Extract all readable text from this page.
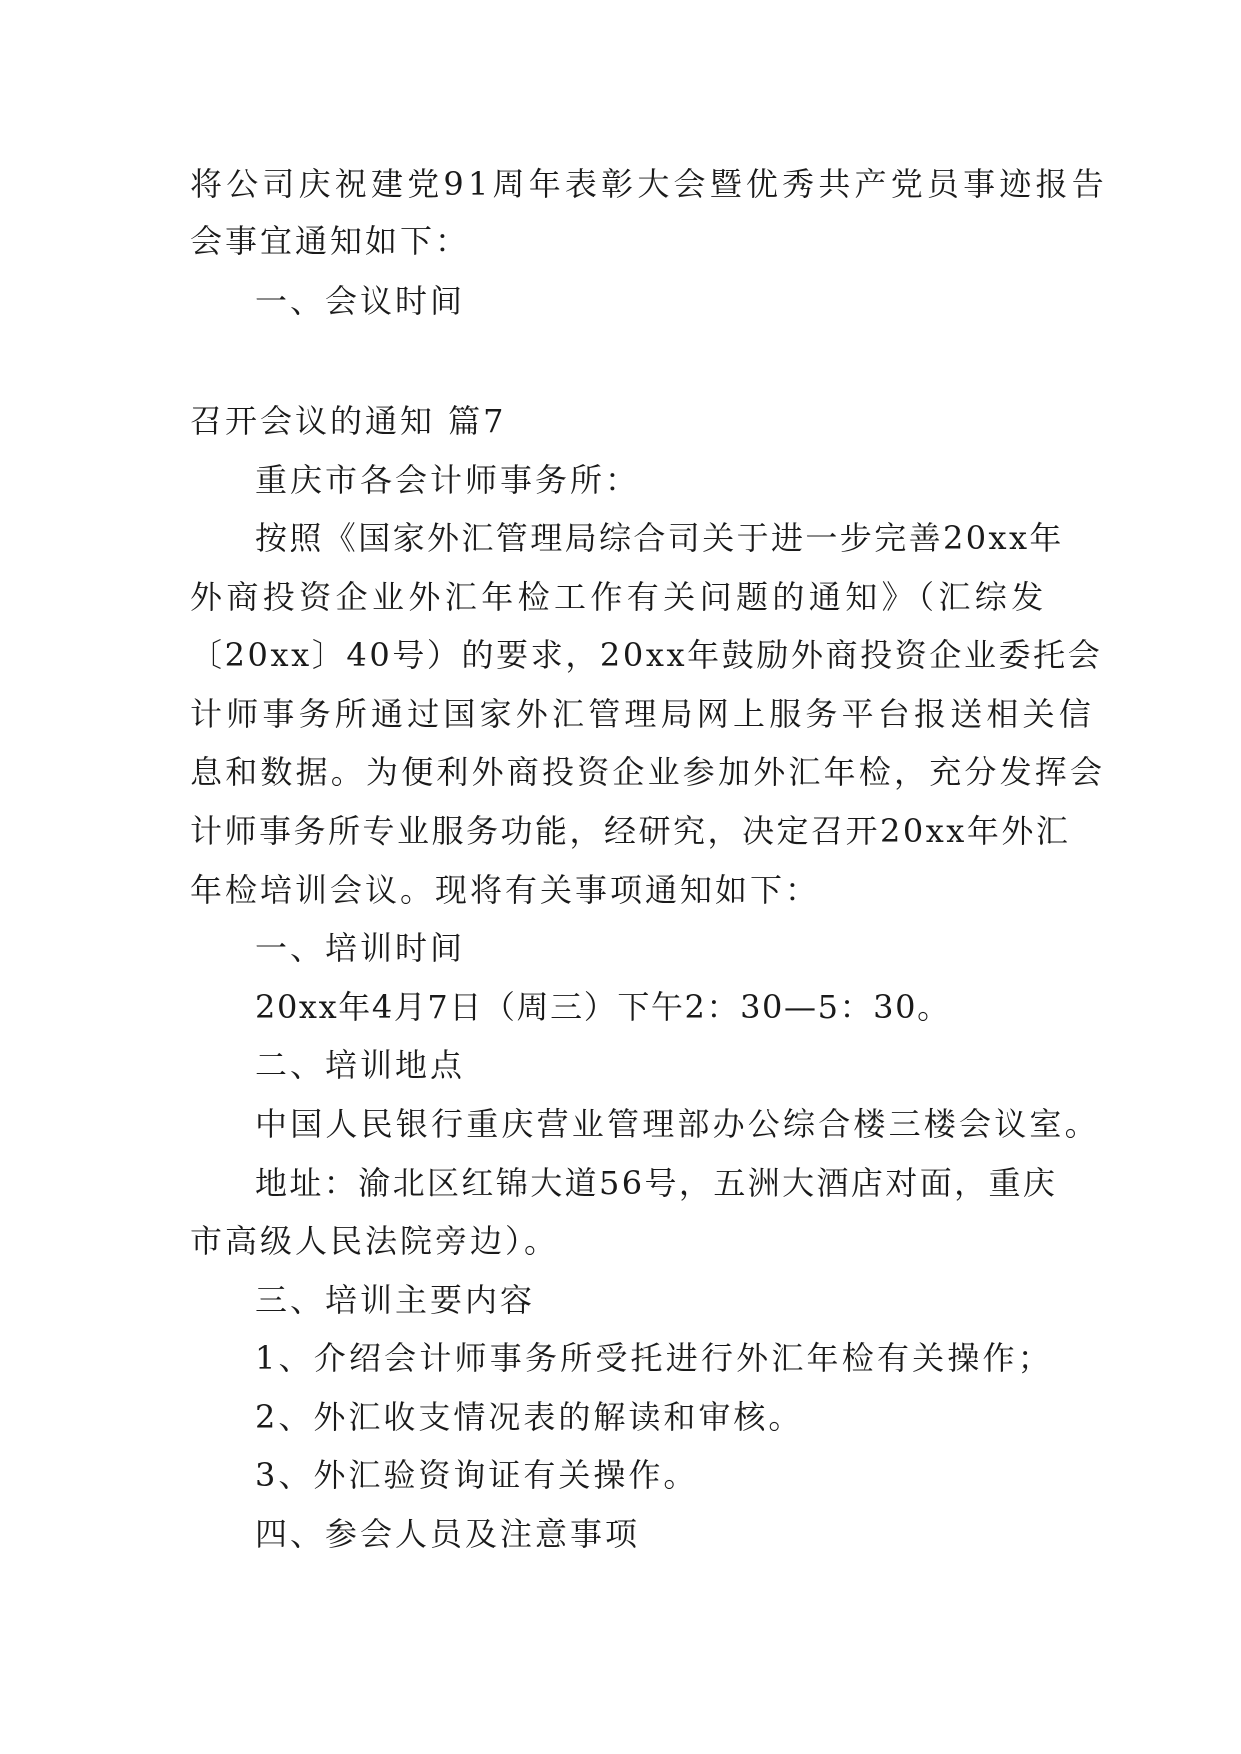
将公司庆祝建党91周年表彰大会暨优秀共产党员事迹报告
会事宜通知如下：
一、会议时间
召开会议的通知 篇7
重庆市各会计师事务所：
按照《国家外汇管理局综合司关于进一步完善20xx年
外商投资企业外汇年检工作有关问题的通知》（汇综发
〔20xx〕40号）的要求，20xx年鼓励外商投资企业委托会
计师事务所通过国家外汇管理局网上服务平台报送相关信
息和数据。为便利外商投资企业参加外汇年检，充分发挥会
计师事务所专业服务功能，经研究，决定召开20xx年外汇
年检培训会议。现将有关事项通知如下：
一、培训时间
20xx年4月7日（周三）下午2：30—5：30。
二、培训地点
中国人民银行重庆营业管理部办公综合楼三楼会议室。
地址：渝北区红锦大道56号，五洲大酒店对面，重庆
市高级人民法院旁边）。
三、培训主要内容
1、介绍会计师事务所受托进行外汇年检有关操作；
2、外汇收支情况表的解读和审核。
3、外汇验资询证有关操作。
四、参会人员及注意事项
